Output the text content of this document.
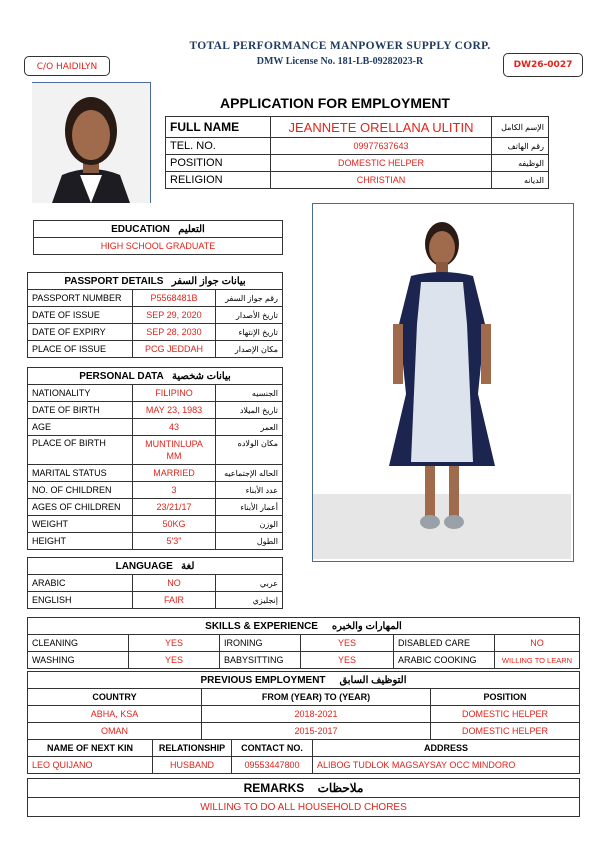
TOTAL PERFORMANCE MANPOWER SUPPLY CORP.
DMW License No. 181-LB-09282023-R
C/O HAIDILYN	DW26-0027
APPLICATION FOR EMPLOYMENT
FULL NAME	JEANNETE ORELLANA ULITIN	الإسم الكامل
TEL. NO.	09977637643	رقم الهاتف
POSITION	DOMESTIC HELPER	الوظيفه
RELIGION	CHRISTIAN	الديانه
EDUCATION التعليم
HIGH SCHOOL GRADUATE
PASSPORT DETAILS بيانات جواز السفر		
PASSPORT NUMBER	P5568481B	رقم جواز السفر
DATE OF ISSUE	SEP 29, 2020	تاريخ الأصدار
DATE OF EXPIRY	SEP 28, 2030	تاريخ الإنتهاء
PLACE OF ISSUE	PCG JEDDAH	مكان الإصدار
PERSONAL DATA بيانات شخصية		
NATIONALITY	FILIPINO	الجنسيه
DATE OF BIRTH	MAY 23, 1983	تاريخ الميلاد
AGE	43	العمر
PLACE OF BIRTH	MUNTINLUPA MM	مكان الولاده
MARITAL STATUS	MARRIED	الحاله الإجتماعيه
NO. OF CHILDREN	3	عدد الأبناء
AGES OF CHILDREN	23/21/17	أعمار الأبناء
WEIGHT	50KG	الوزن
HEIGHT	5'3"	الطول
LANGUAGE لغة		
ARABIC	NO	عربي
ENGLISH	FAIR	إنجليزي
SKILLS & EXPERIENCE المهارات والخبره					
CLEANING	YES	IRONING	YES	DISABLED CARE	NO
WASHING	YES	BABYSITTING	YES	ARABIC COOKING	WILLING TO LEARN
PREVIOUS EMPLOYMENT التوظيف السابق		
COUNTRY	FROM (YEAR) TO (YEAR)	POSITION
ABHA, KSA	2018-2021	DOMESTIC HELPER
OMAN	2015-2017	DOMESTIC HELPER
NAME OF NEXT KIN	RELATIONSHIP	CONTACT NO.	ADDRESS
LEO QUIJANO	HUSBAND	09553447800	ALIBOG TUDLOK MAGSAYSAY OCC MINDORO
REMARKS ملاحظات
WILLING TO DO ALL HOUSEHOLD CHORES
